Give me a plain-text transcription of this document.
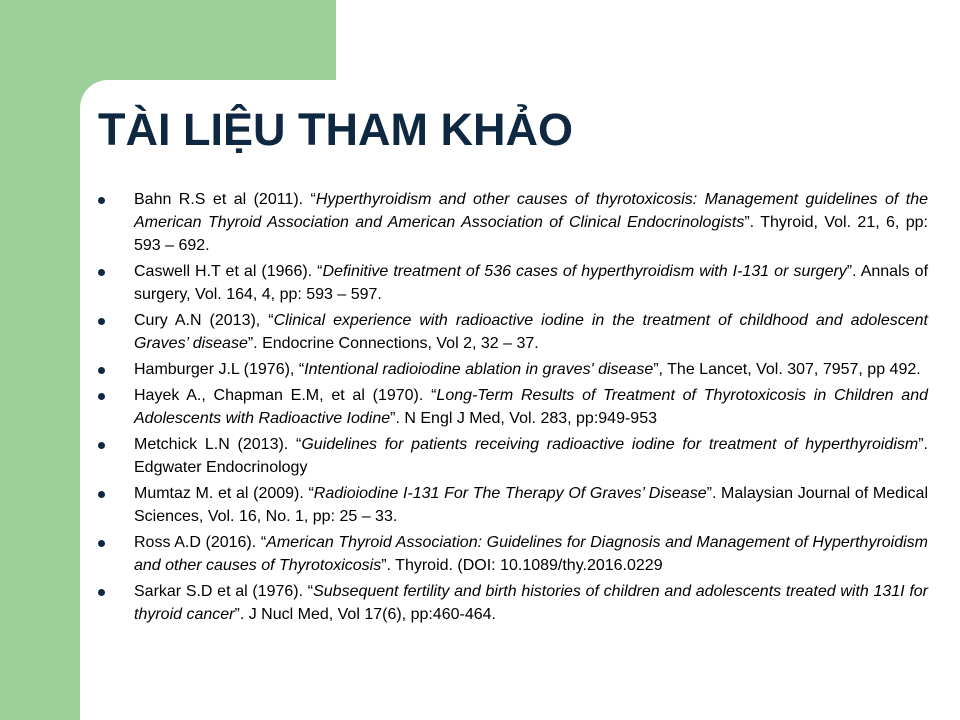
TÀI LIỆU THAM KHẢO
Bahn R.S et al (2011). “Hyperthyroidism and other causes of thyrotoxicosis: Management guidelines of the American Thyroid Association and American Association of Clinical Endocrinologists”. Thyroid, Vol. 21, 6, pp: 593 – 692.
Caswell H.T et al (1966). “Definitive treatment of 536 cases of hyperthyroidism with I-131 or surgery”. Annals of surgery, Vol. 164, 4, pp: 593 – 597.
Cury A.N (2013), “Clinical experience with radioactive iodine in the treatment of childhood and adolescent Graves’ disease”. Endocrine Connections, Vol 2, 32 – 37.
Hamburger J.L (1976), “Intentional radioiodine ablation in graves' disease”, The Lancet, Vol. 307, 7957, pp 492.
Hayek A., Chapman E.M, et al (1970). “Long-Term Results of Treatment of Thyrotoxicosis in Children and Adolescents with Radioactive Iodine”. N Engl J Med, Vol. 283, pp:949-953
Metchick L.N (2013). “Guidelines for patients receiving radioactive iodine for treatment of hyperthyroidism”. Edgwater Endocrinology
Mumtaz M. et al (2009). “Radioiodine I-131 For The Therapy Of Graves’ Disease”. Malaysian Journal of Medical Sciences, Vol. 16, No. 1, pp: 25 – 33.
Ross A.D (2016). “American Thyroid Association: Guidelines for Diagnosis and Management of Hyperthyroidism and other causes of Thyrotoxicosis”. Thyroid. (DOI: 10.1089/thy.2016.0229
Sarkar S.D et al (1976). “Subsequent fertility and birth histories of children and adolescents treated with 131I for thyroid cancer”. J Nucl Med, Vol 17(6), pp:460-464.
